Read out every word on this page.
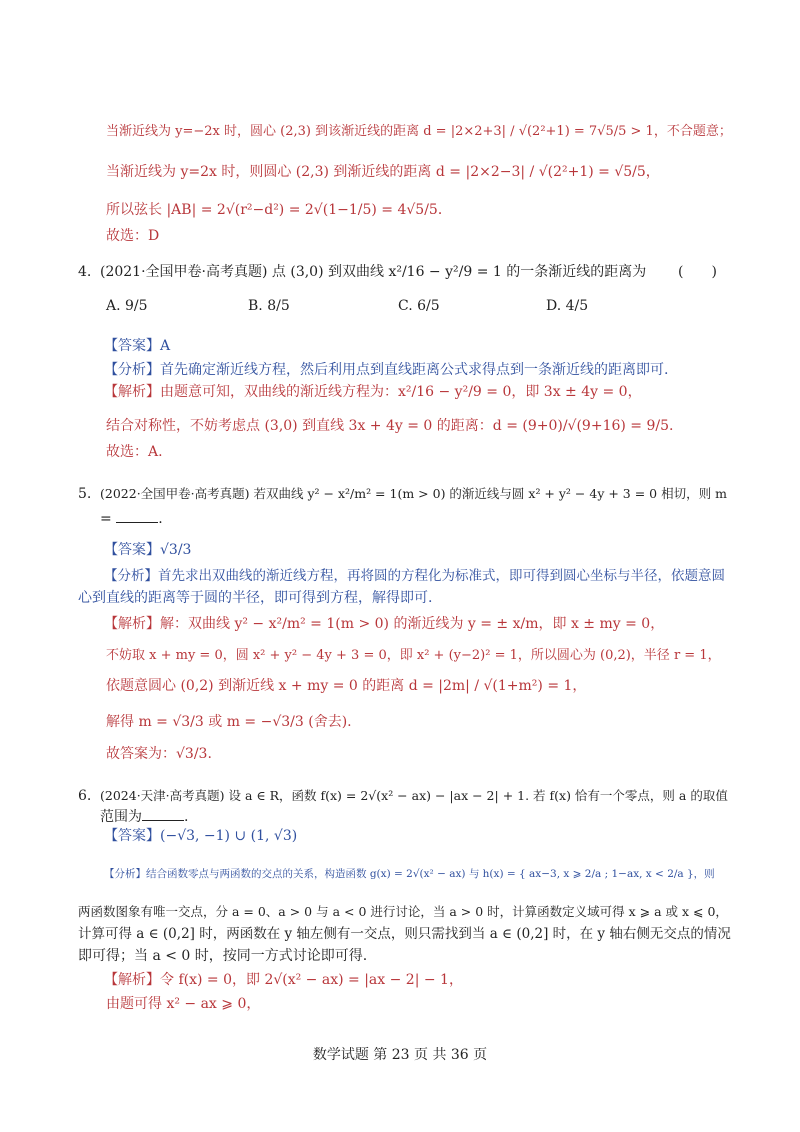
当渐近线为 y=−2x 时，圆心 (2,3) 到该渐近线的距离 d = |2×2+3| / √(2²+1) = 7√5/5 > 1，不合题意；
当渐近线为 y=2x 时，则圆心 (2,3) 到渐近线的距离 d = |2×2−3| / √(2²+1) = √5/5，
所以弦长 |AB| = 2√(r²−d²) = 2√(1−1/5) = 4√5/5．
故选：D
4. (2021·全国甲卷·高考真题) 点 (3,0) 到双曲线 x²/16 − y²/9 = 1 的一条渐近线的距离为 (　　)
A. 9/5	B. 8/5	C. 6/5	D. 4/5
【答案】A
【分析】首先确定渐近线方程，然后利用点到直线距离公式求得点到一条渐近线的距离即可.
【解析】由题意可知，双曲线的渐近线方程为：x²/16 − y²/9 = 0，即 3x ± 4y = 0，
结合对称性，不妨考虑点 (3,0) 到直线 3x + 4y = 0 的距离：d = (9+0)/√(9+16) = 9/5.
故选：A.
5. (2022·全国甲卷·高考真题) 若双曲线 y² − x²/m² = 1(m > 0) 的渐近线与圆 x² + y² − 4y + 3 = 0 相切，则 m
=	.
【答案】√3/3
【分析】首先求出双曲线的渐近线方程，再将圆的方程化为标准式，即可得到圆心坐标与半径，依题意圆
心到直线的距离等于圆的半径，即可得到方程，解得即可.
【解析】解：双曲线 y² − x²/m² = 1(m > 0) 的渐近线为 y = ± x/m，即 x ± my = 0，
不妨取 x + my = 0，圆 x² + y² − 4y + 3 = 0，即 x² + (y−2)² = 1，所以圆心为 (0,2)，半径 r = 1，
依题意圆心 (0,2) 到渐近线 x + my = 0 的距离 d = |2m| / √(1+m²) = 1，
解得 m = √3/3 或 m = −√3/3 (舍去).
故答案为：√3/3.
6. (2024·天津·高考真题) 设 a ∈ R，函数 f(x) = 2√(x² − ax) − |ax − 2| + 1. 若 f(x) 恰有一个零点，则 a 的取值
范围为	.
【答案】(−√3, −1) ∪ (1, √3)
【分析】结合函数零点与两函数的交点的关系，构造函数 g(x) = 2√(x² − ax) 与 h(x) = { ax−3, x ⩾ 2/a ; 1−ax, x < 2/a }，则
两函数图象有唯一交点，分 a = 0、a > 0 与 a < 0 进行讨论，当 a > 0 时，计算函数定义域可得 x ⩾ a 或 x ⩽ 0，
计算可得 a ∈ (0,2] 时，两函数在 y 轴左侧有一交点，则只需找到当 a ∈ (0,2] 时，在 y 轴右侧无交点的情况
即可得；当 a < 0 时，按同一方式讨论即可得.
【解析】令 f(x) = 0，即 2√(x² − ax) = |ax − 2| − 1，
由题可得 x² − ax ⩾ 0，
数学试题 第 23 页 共 36 页
